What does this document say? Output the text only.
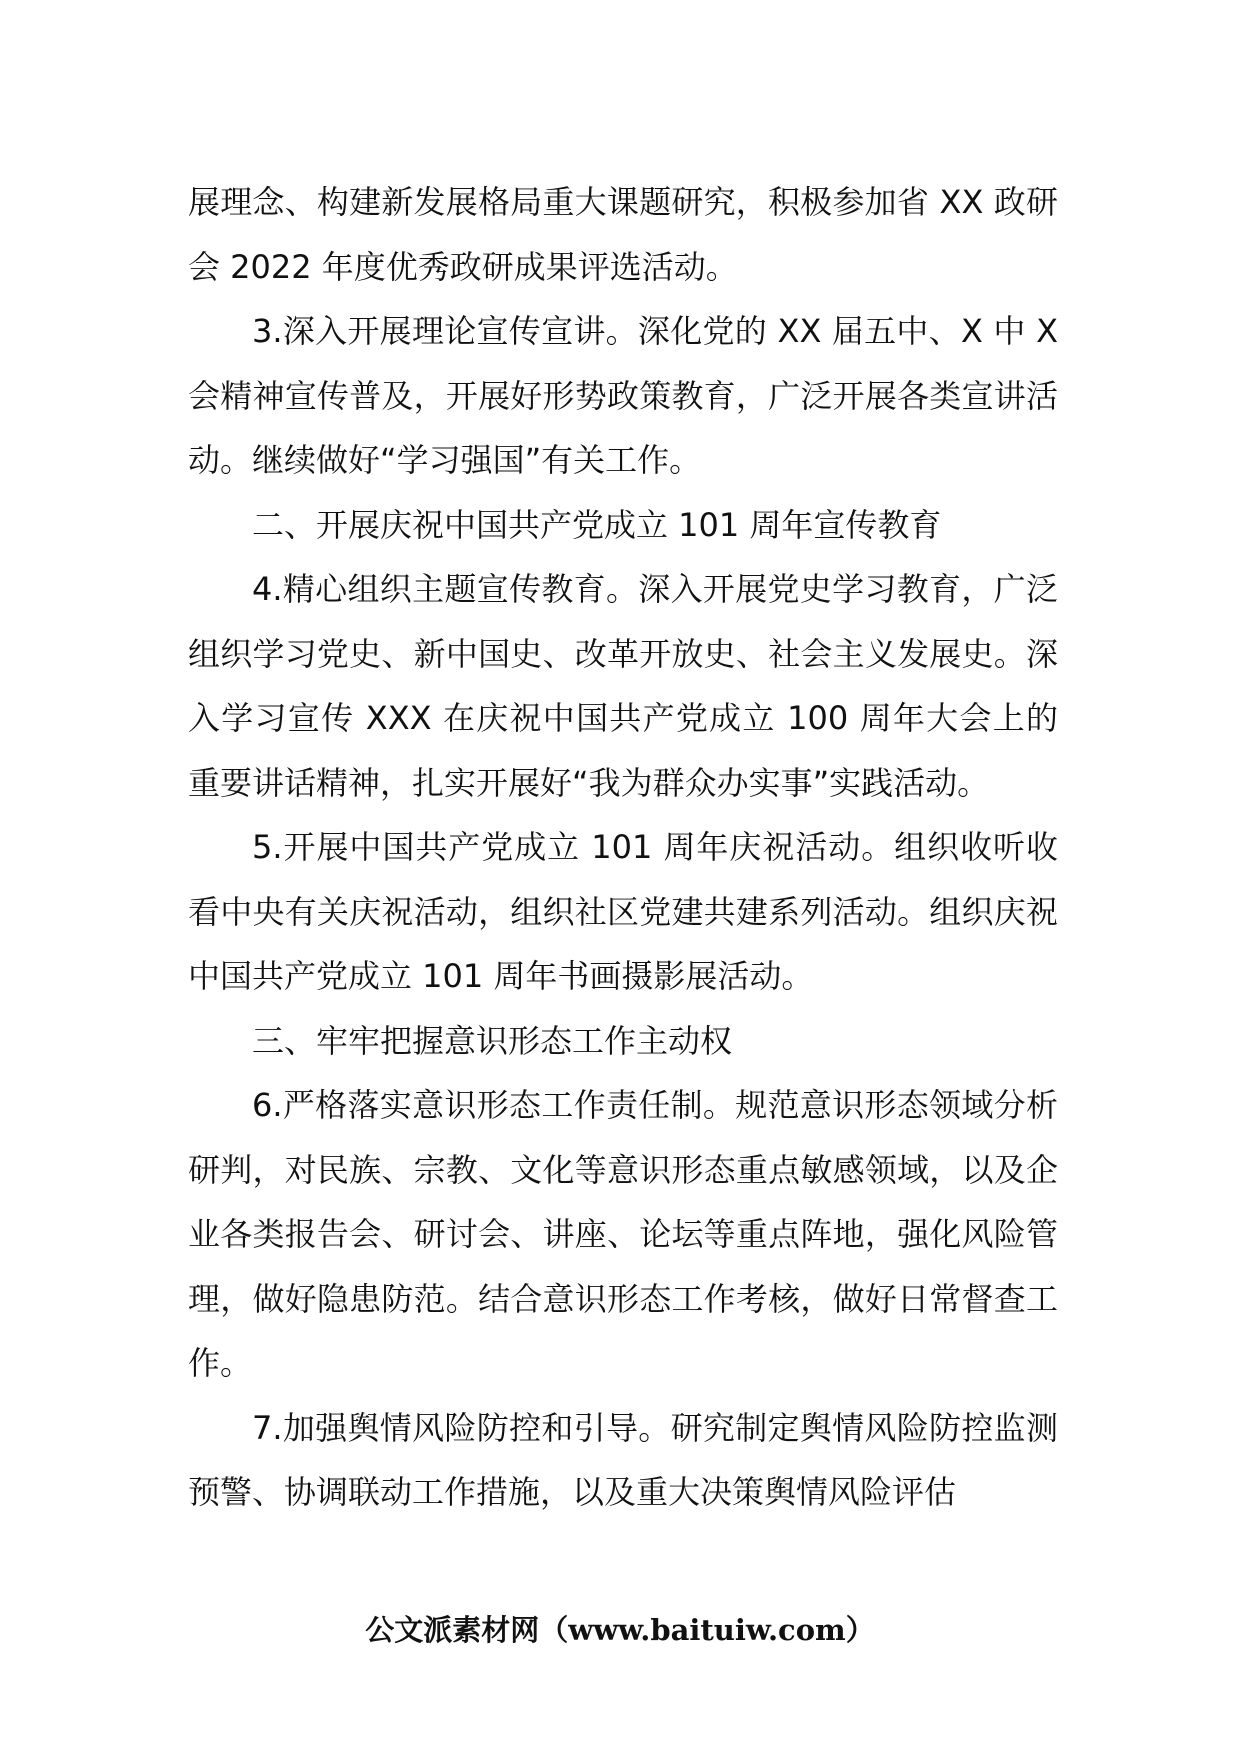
展理念、构建新发展格局重大课题研究，积极参加省 XX 政研会 2022 年度优秀政研成果评选活动。

3.深入开展理论宣传宣讲。深化党的 XX 届五中、X 中 X 会精神宣传普及，开展好形势政策教育，广泛开展各类宣讲活动。继续做好“学习强国”有关工作。

二、开展庆祝中国共产党成立 101 周年宣传教育

4.精心组织主题宣传教育。深入开展党史学习教育，广泛组织学习党史、新中国史、改革开放史、社会主义发展史。深入学习宣传 XXX 在庆祝中国共产党成立 100 周年大会上的重要讲话精神，扎实开展好“我为群众办实事”实践活动。

5.开展中国共产党成立 101 周年庆祝活动。组织收听收看中央有关庆祝活动，组织社区党建共建系列活动。组织庆祝中国共产党成立 101 周年书画摄影展活动。

三、牢牢把握意识形态工作主动权

6.严格落实意识形态工作责任制。规范意识形态领域分析研判，对民族、宗教、文化等意识形态重点敏感领域，以及企业各类报告会、研讨会、讲座、论坛等重点阵地，强化风险管理，做好隐患防范。结合意识形态工作考核，做好日常督查工作。

7.加强舆情风险防控和引导。研究制定舆情风险防控监测预警、协调联动工作措施，以及重大决策舆情风险评估

公文派素材网（www.baituiw.com）
